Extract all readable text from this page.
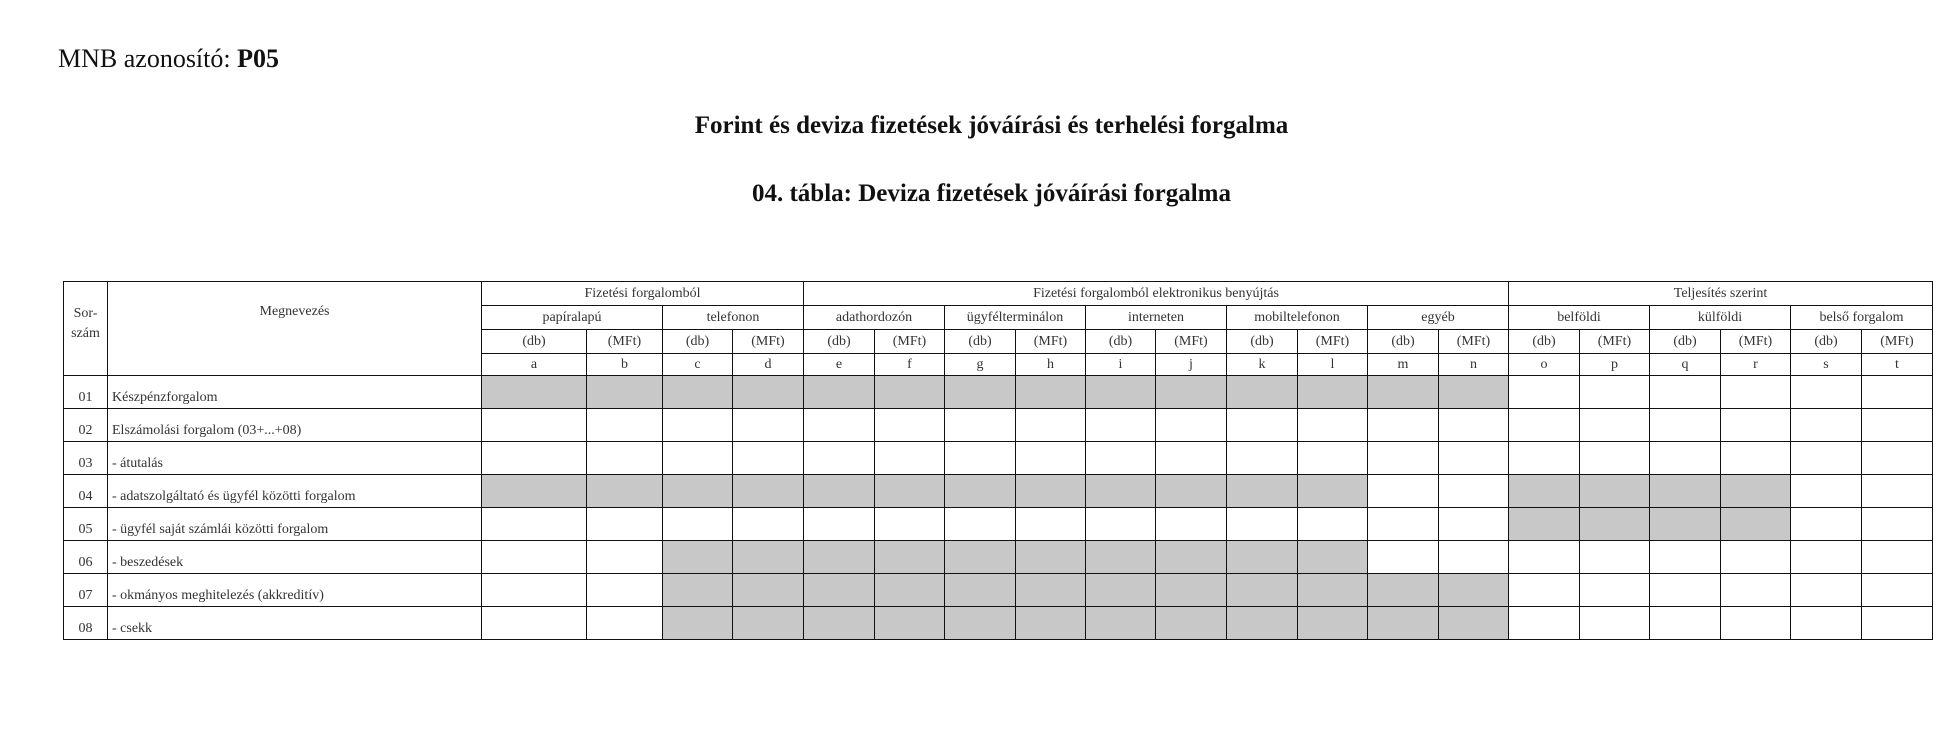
MNB azonosító: P05
Forint és deviza fizetések jóváírási és terhelési forgalma
04. tábla: Deviza fizetések jóváírási forgalma
Sor-
szám	Megnevezés	Fizetési forgalomból				Fizetési forgalomból elektronikus benyújtás										Teljesítés szerint					
		papíralapú		telefonon		adathordozón		ügyfélterminálon		interneten		mobiltelefonon		egyéb		belföldi		külföldi		belső forgalom	
		(db)	(MFt)	(db)	(MFt)	(db)	(MFt)	(db)	(MFt)	(db)	(MFt)	(db)	(MFt)	(db)	(MFt)	(db)	(MFt)	(db)	(MFt)	(db)	(MFt)
		a	b	c	d	e	f	g	h	i	j	k	l	m	n	o	p	q	r	s	t
01	Készpénzforgalom																				
02	Elszámolási forgalom (03+...+08)																				
03	- átutalás																				
04	- adatszolgáltató és ügyfél közötti forgalom																				
05	- ügyfél saját számlái közötti forgalom																				
06	- beszedések																				
07	- okmányos meghitelezés (akkreditív)																				
08	- csekk																				
